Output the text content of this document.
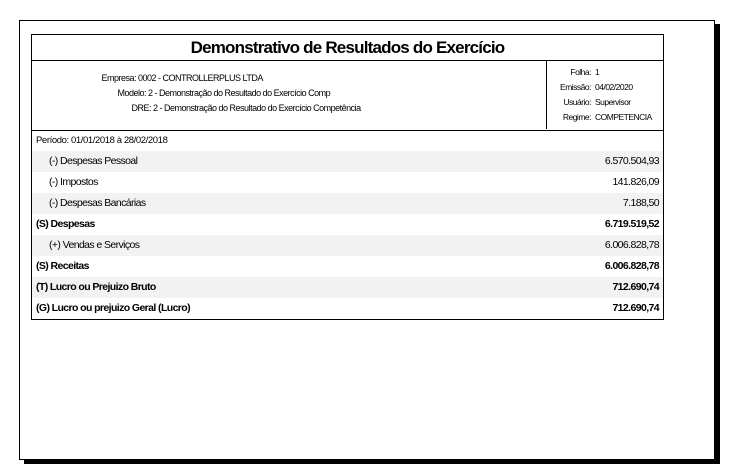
Demonstrativo de Resultados do Exercício
Empresa: 0002 - CONTROLLERPLUS LTDA
Modelo: 2 - Demonstração do Resultado do Exercício Comp
DRE: 2 - Demonstração do Resultado do Exercício Competência
Folha: 1
Emissão: 04/02/2020
Usuário: Supervisor
Regime: COMPETENCIA
Período: 01/01/2018 à 28/02/2018
(-) Despesas Pessoal	6.570.504,93
(-) Impostos	141.826,09
(-) Despesas Bancárias	7.188,50
(S) Despesas	6.719.519,52
(+) Vendas e Serviços	6.006.828,78
(S) Receitas	6.006.828,78
(T) Lucro ou Prejuizo Bruto	712.690,74
(G) Lucro ou prejuizo Geral (Lucro)	712.690,74
